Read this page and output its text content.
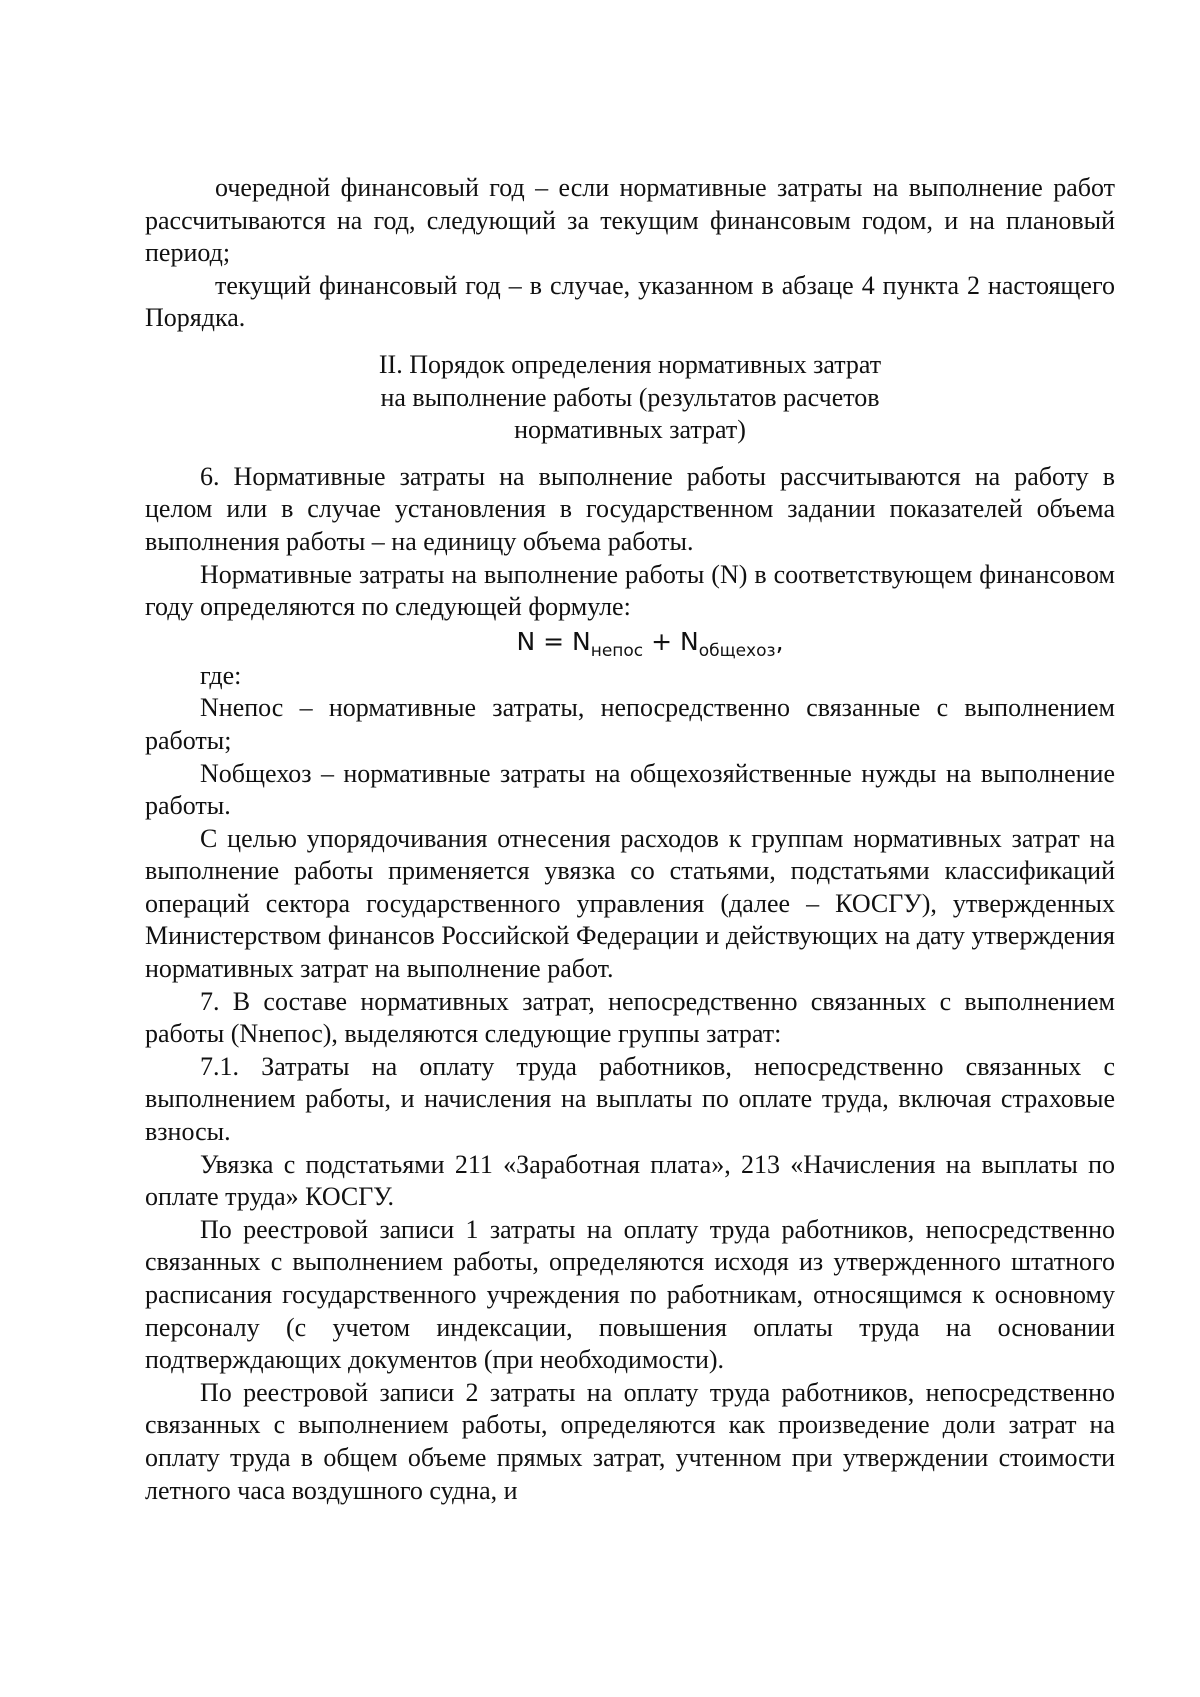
очередной финансовый год – если нормативные затраты на выполнение работ рассчитываются на год, следующий за текущим финансовым годом, и на плановый период;

текущий финансовый год – в случае, указанном в абзаце 4 пункта 2 настоящего Порядка.

II. Порядок определения нормативных затрат
на выполнение работы (результатов расчетов
нормативных затрат)

6. Нормативные затраты на выполнение работы рассчитываются на работу в целом или в случае установления в государственном задании показателей объема выполнения работы – на единицу объема работы.

Нормативные затраты на выполнение работы (N) в соответствующем финансовом году определяются по следующей формуле:

$N = N_{непос} + N_{общехоз}$,

где:

Nнепос – нормативные затраты, непосредственно связанные с выполнением работы;

Nобщехоз – нормативные затраты на общехозяйственные нужды на выполнение работы.

С целью упорядочивания отнесения расходов к группам нормативных затрат на выполнение работы применяется увязка со статьями, подстатьями классификаций операций сектора государственного управления (далее – КОСГУ), утвержденных Министерством финансов Российской Федерации и действующих на дату утверждения нормативных затрат на выполнение работ.

7. В составе нормативных затрат, непосредственно связанных с выполнением работы (Nнепос), выделяются следующие группы затрат:

7.1. Затраты на оплату труда работников, непосредственно связанных с выполнением работы, и начисления на выплаты по оплате труда, включая страховые взносы.

Увязка с подстатьями 211 «Заработная плата», 213 «Начисления на выплаты по оплате труда» КОСГУ.

По реестровой записи 1 затраты на оплату труда работников, непосредственно связанных с выполнением работы, определяются исходя из утвержденного штатного расписания государственного учреждения по работникам, относящимся к основному персоналу (с учетом индексации, повышения оплаты труда на основании подтверждающих документов (при необходимости).

По реестровой записи 2 затраты на оплату труда работников, непосредственно связанных с выполнением работы, определяются как произведение доли затрат на оплату труда в общем объеме прямых затрат, учтенном при утверждении стоимости летного часа воздушного судна, и
